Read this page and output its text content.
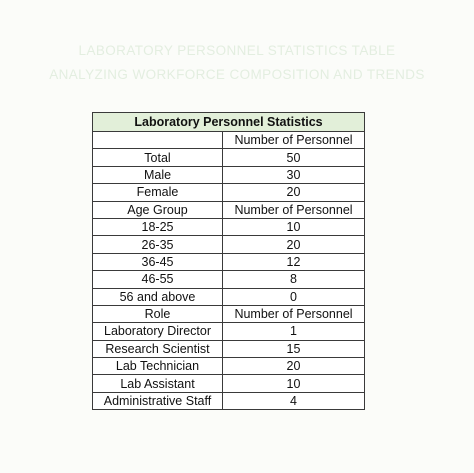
LABORATORY PERSONNEL STATISTICS TABLE
ANALYZING WORKFORCE COMPOSITION AND TRENDS
Laboratory Personnel Statistics	
	Number of Personnel
Total	50
Male	30
Female	20
Age Group	Number of Personnel
18-25	10
26-35	20
36-45	12
46-55	8
56 and above	0
Role	Number of Personnel
Laboratory Director	1
Research Scientist	15
Lab Technician	20
Lab Assistant	10
Administrative Staff	4
